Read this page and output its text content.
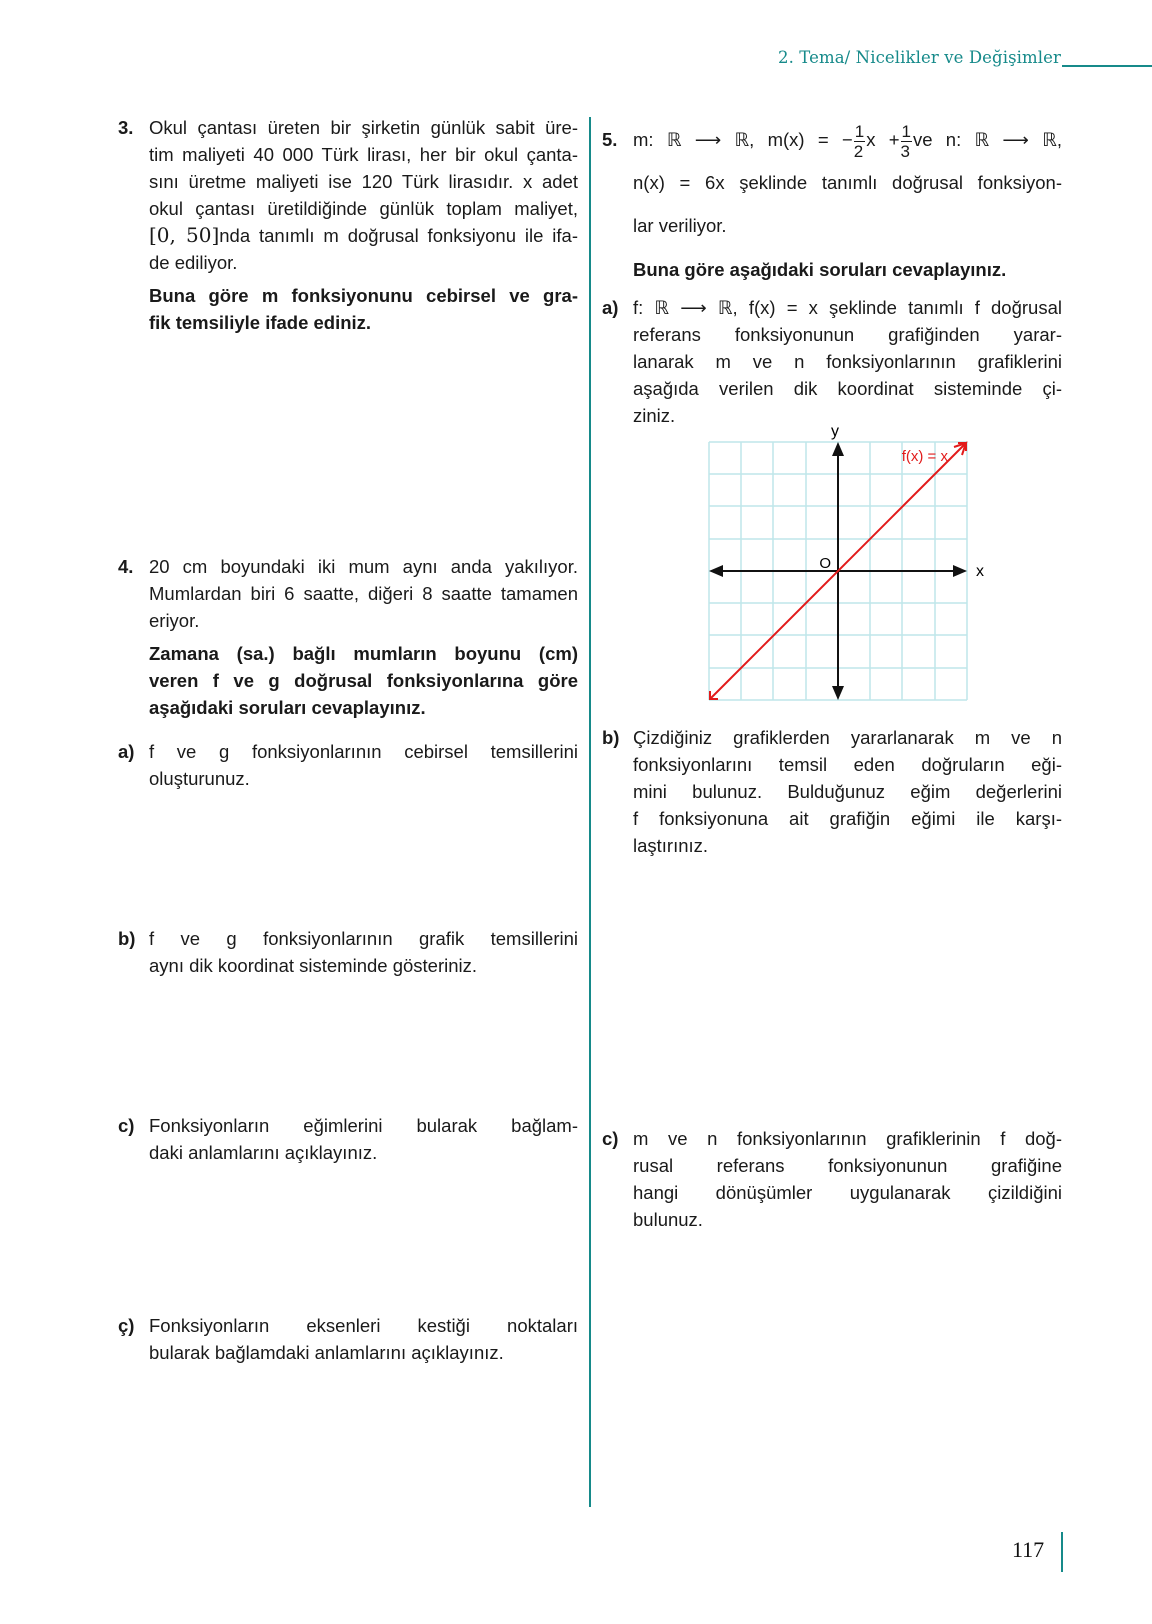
2. Tema/ Nicelikler ve Değişimler
3. Okul çantası üreten bir şirketin günlük sabit üre-
tim maliyeti 40 000 Türk lirası, her bir okul çanta-
sını üretme maliyeti ise 120 Türk lirasıdır. x adet
okul çantası üretildiğinde günlük toplam maliyet,
[0, 50]nda tanımlı m doğrusal fonksiyonu ile ifa-
de ediliyor.
Buna göre m fonksiyonunu cebirsel ve gra-
fik temsiliyle ifade ediniz.
4. 20 cm boyundaki iki mum aynı anda yakılıyor.
Mumlardan biri 6 saatte, diğeri 8 saatte tamamen
eriyor.
Zamana (sa.) bağlı mumların boyunu (cm)
veren f ve g doğrusal fonksiyonlarına göre
aşağıdaki soruları cevaplayınız.
a) f ve g fonksiyonlarının cebirsel temsillerini
oluşturunuz.
b) f ve g fonksiyonlarının grafik temsillerini
aynı dik koordinat sisteminde gösteriniz.
c) Fonksiyonların eğimlerini bularak bağlam-
daki anlamlarını açıklayınız.
ç) Fonksiyonların eksenleri kestiği noktaları
bularak bağlamdaki anlamlarını açıklayınız.
5. m: ℝ ⟶ ℝ, m(x) = − $\frac{1}{2}$ $x + \frac{1}{3}$ ve n: ℝ ⟶ ℝ,
n(x) = 6x şeklinde tanımlı doğrusal fonksiyon-
lar veriliyor.
Buna göre aşağıdaki soruları cevaplayınız.
a) f: ℝ ⟶ ℝ, f(x) = x şeklinde tanımlı f doğrusal
referans fonksiyonunun grafiğinden yarar-
lanarak m ve n fonksiyonlarının grafiklerini
aşağıda verilen dik koordinat sisteminde çi-
ziniz.
y
x
O
f(x) = x
b) Çizdiğiniz grafiklerden yararlanarak m ve n
fonksiyonlarını temsil eden doğruların eği-
mini bulunuz. Bulduğunuz eğim değerlerini
f fonksiyonuna ait grafiğin eğimi ile karşı-
laştırınız.
c) m ve n fonksiyonlarının grafiklerinin f doğ-
rusal referans fonksiyonunun grafiğine
hangi dönüşümler uygulanarak çizildiğini
bulunuz.
117
